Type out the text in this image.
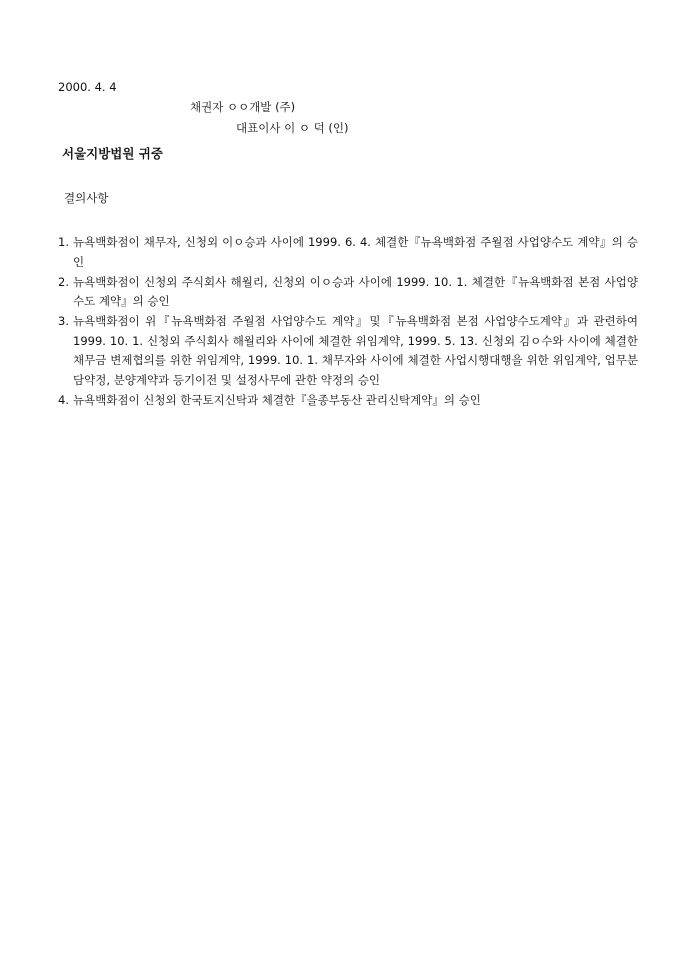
2000. 4. 4
채권자 ㅇㅇ개발 (주)
대표이사 이 ㅇ 덕 (인)
서울지방법원 귀중
결의사항
1. 뉴욕백화점이 채무자, 신청외 이ㅇ승과 사이에 1999. 6. 4. 체결한『뉴욕백화점 주월점 사업양수도 계약』의 승인
2. 뉴욕백화점이 신청외 주식회사 해월리, 신청외 이ㅇ승과 사이에 1999. 10. 1. 체결한『뉴욕백화점 본점 사업양수도 계약』의 승인
3. 뉴욕백화점이 위『뉴욕백화점 주월점 사업양수도 계약』및『뉴욕백화점 본점 사업양수도계약』과 관련하여 1999. 10. 1. 신청외 주식회사 해월리와 사이에 체결한 위임계약, 1999. 5. 13. 신청외 김ㅇ수와 사이에 체결한 채무금 변제협의를 위한 위임계약, 1999. 10. 1. 채무자와 사이에 체결한 사업시행대행을 위한 위임계약, 업무분담약정, 분양계약과 등기이전 및 설정사무에 관한 약정의 승인
4. 뉴욕백화점이 신청외 한국토지신탁과 체결한『을종부동산 관리신탁계약』의 승인
